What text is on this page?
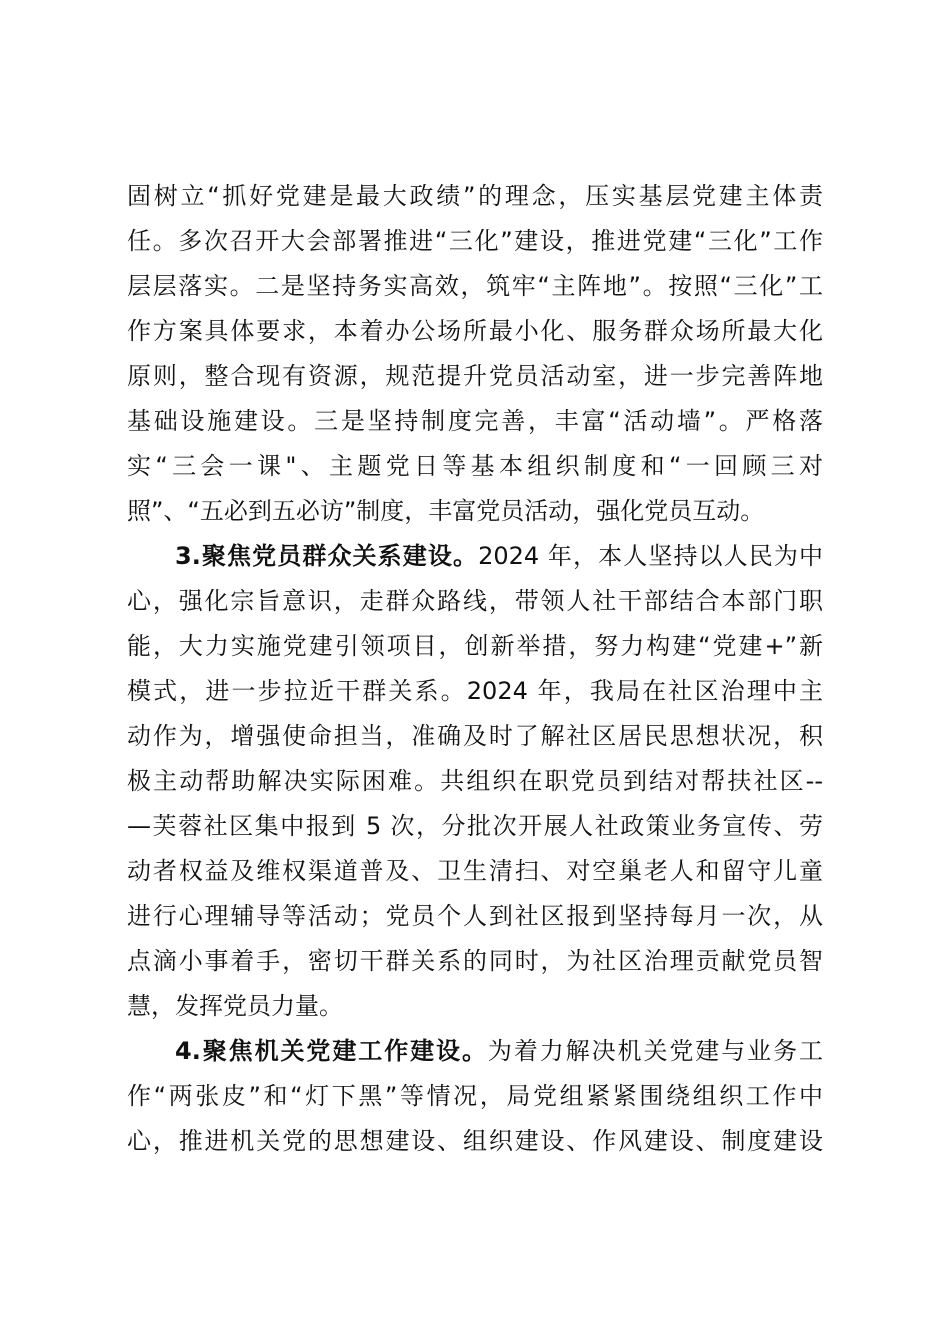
固树立“抓好党建是最大政绩”的理念，压实基层党建主体责
任。多次召开大会部署推进“三化”建设，推进党建“三化”工作
层层落实。二是坚持务实高效，筑牢“主阵地”。按照“三化”工
作方案具体要求，本着办公场所最小化、服务群众场所最大化
原则，整合现有资源，规范提升党员活动室，进一步完善阵地
基础设施建设。三是坚持制度完善，丰富“活动墙”。严格落
实“三会一课"、主题党日等基本组织制度和“一回顾三对
照”、“五必到五必访”制度，丰富党员活动，强化党员互动。
3.聚焦党员群众关系建设。2024 年，本人坚持以人民为中
心，强化宗旨意识，走群众路线，带领人社干部结合本部门职
能，大力实施党建引领项目，创新举措，努力构建“党建+”新
模式，进一步拉近干群关系。2024 年，我局在社区治理中主
动作为，增强使命担当，准确及时了解社区居民思想状况，积
极主动帮助解决实际困难。共组织在职党员到结对帮扶社区--
—芙蓉社区集中报到 5 次，分批次开展人社政策业务宣传、劳
动者权益及维权渠道普及、卫生清扫、对空巢老人和留守儿童
进行心理辅导等活动；党员个人到社区报到坚持每月一次，从
点滴小事着手，密切干群关系的同时，为社区治理贡献党员智
慧，发挥党员力量。
4.聚焦机关党建工作建设。为着力解决机关党建与业务工
作“两张皮”和“灯下黑”等情况，局党组紧紧围绕组织工作中
心，推进机关党的思想建设、组织建设、作风建设、制度建设
